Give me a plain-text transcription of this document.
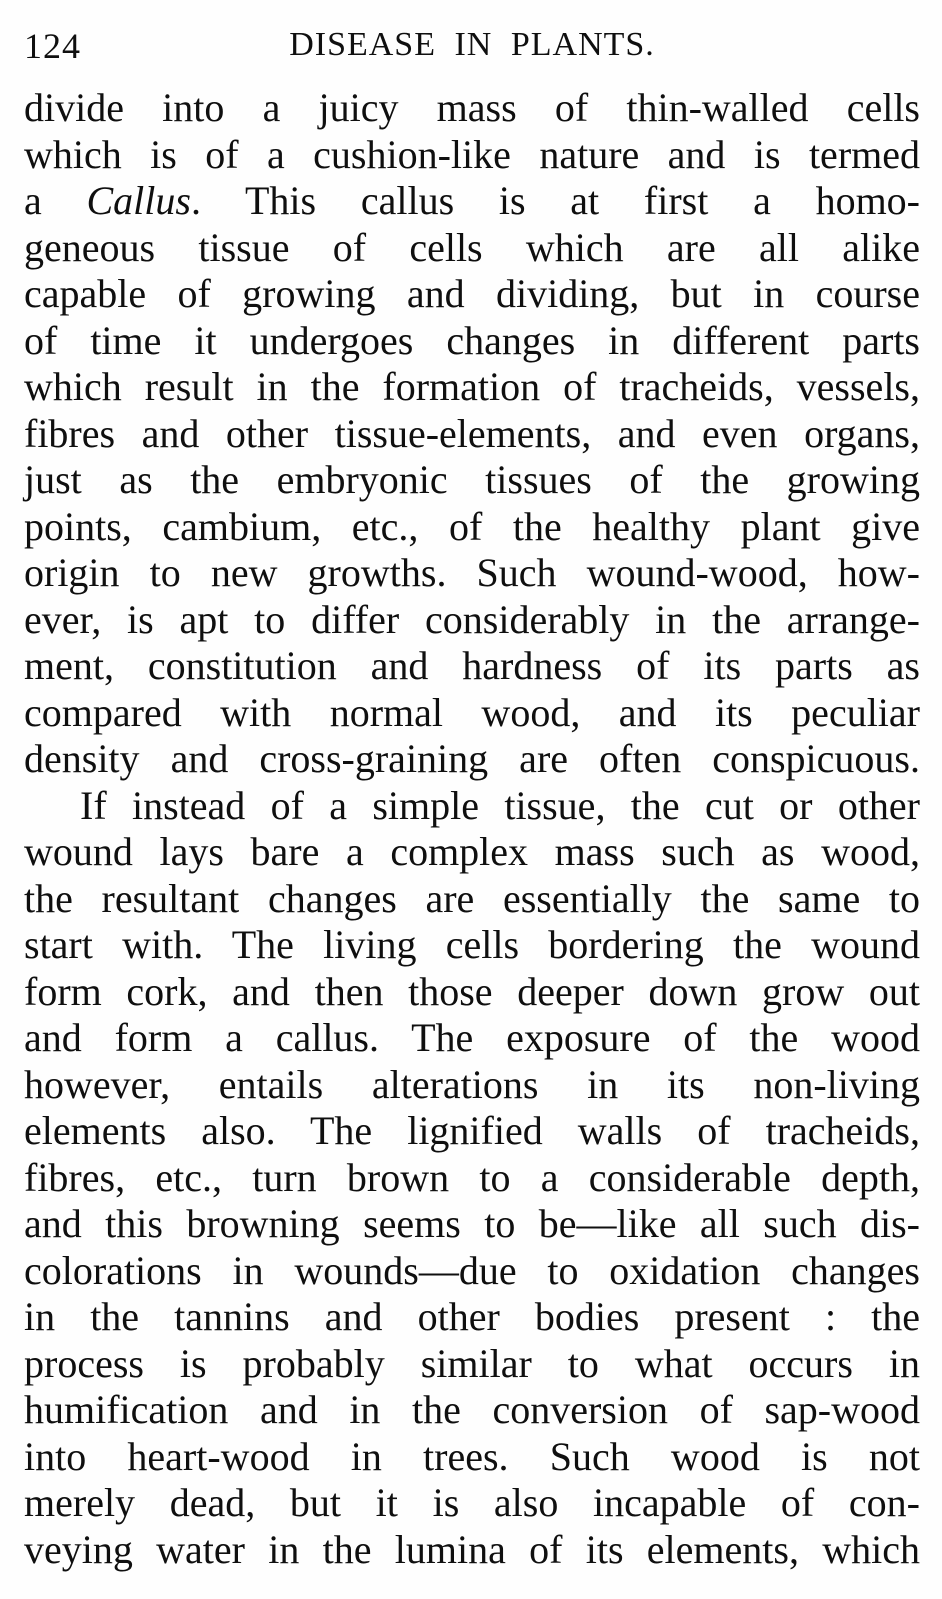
124	DISEASE IN PLANTS.
divide into a juicy mass of thin-walled cells
which is of a cushion-like nature and is termed
a Callus. This callus is at first a homo-
geneous tissue of cells which are all alike
capable of growing and dividing, but in course
of time it undergoes changes in different parts
which result in the formation of tracheids, vessels,
fibres and other tissue-elements, and even organs,
just as the embryonic tissues of the growing
points, cambium, etc., of the healthy plant give
origin to new growths. Such wound-wood, how-
ever, is apt to differ considerably in the arrange-
ment, constitution and hardness of its parts as
compared with normal wood, and its peculiar
density and cross-graining are often conspicuous.
If instead of a simple tissue, the cut or other
wound lays bare a complex mass such as wood,
the resultant changes are essentially the same to
start with. The living cells bordering the wound
form cork, and then those deeper down grow out
and form a callus. The exposure of the wood
however, entails alterations in its non-living
elements also. The lignified walls of tracheids,
fibres, etc., turn brown to a considerable depth,
and this browning seems to be—like all such dis-
colorations in wounds—due to oxidation changes
in the tannins and other bodies present : the
process is probably similar to what occurs in
humification and in the conversion of sap-wood
into heart-wood in trees. Such wood is not
merely dead, but it is also incapable of con-
veying water in the lumina of its elements, which
